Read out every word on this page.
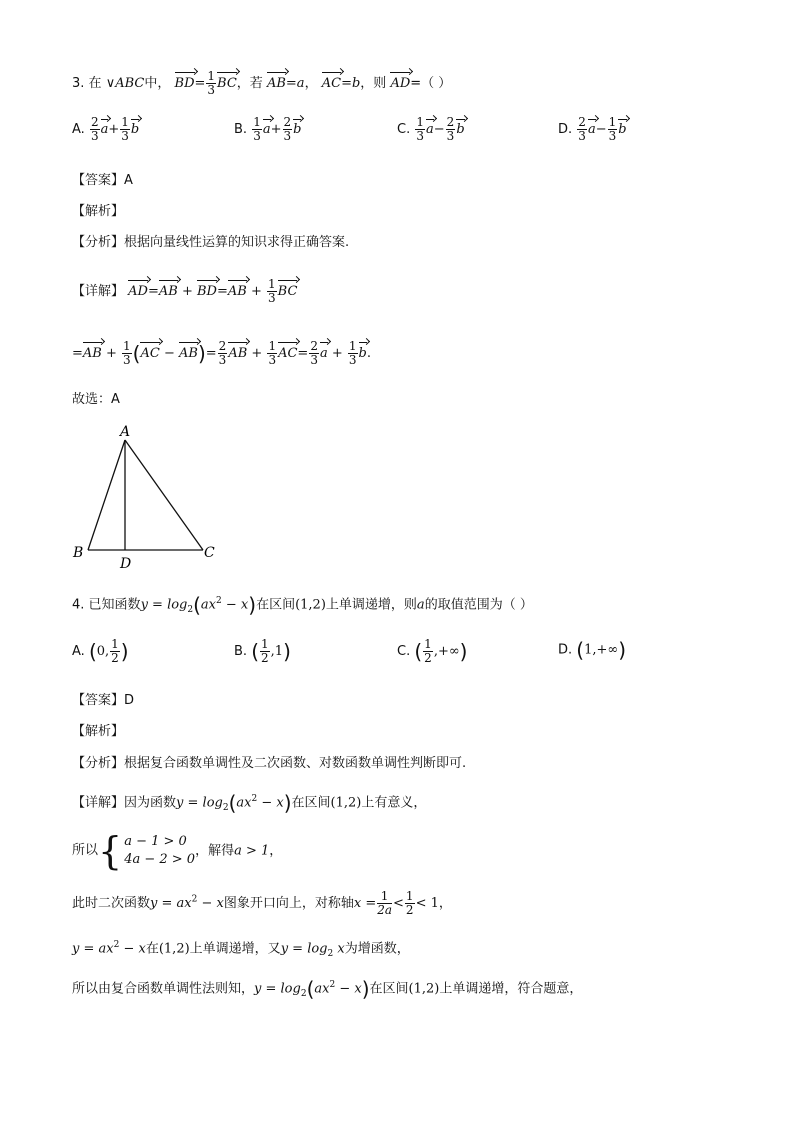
3. 在 ∨ABC中， $BD= \frac{1}{3}$ BC，若 AB=a， AC=b，则 AD=（ ）
A. $\frac{2}{3} a+ \frac{1}{3}$ b	B. $\frac{1}{3} a+ \frac{2}{3}$ b	C. $\frac{1}{3} a- \frac{2}{3}$ b	D. $\frac{2}{3} a- \frac{1}{3}$ b
【答案】A
【解析】
【分析】根据向量线性运算的知识求得正确答案.
【详解】 $AD=AB + BD=AB + \frac{1}{3}$ BC
$=AB + \frac{1}{3} (AC - AB)= \frac{2}{3}$ AB + $\frac{1}{3} AC= \frac{2}{3}$ $a + \frac{1}{3} b$.
故选：A
A
B	C
D
4. 已知函数$y = \log_2(ax^2 - x)$在区间(1,2)上单调递增，则a的取值范围为（ ）
A. (0, $\frac{1}{2}$ )	B. ( $\frac{1}{2} ,1$)	C. ( $\frac{1}{2}$ ,+∞)	D. (1,+∞)
【答案】D
【解析】
【分析】根据复合函数单调性及二次函数、对数函数单调性判断即可.
【详解】因为函数$y = \log_2(ax^2 - x)$在区间(1,2)上有意义，
所以 { a − 1 > 0
4a − 2 > 0
，解得a > 1，
此时二次函数$y = ax^2 - x$图象开口向上，对称轴$x = \frac{1}{2a} < \frac{1}{2} < 1$，
$y = ax^2 - x$在(1,2)上单调递增，又$y = \log_2 x$为增函数，
所以由复合函数单调性法则知，$y = \log_2(ax^2 - x)$在区间(1,2)上单调递增，符合题意，
